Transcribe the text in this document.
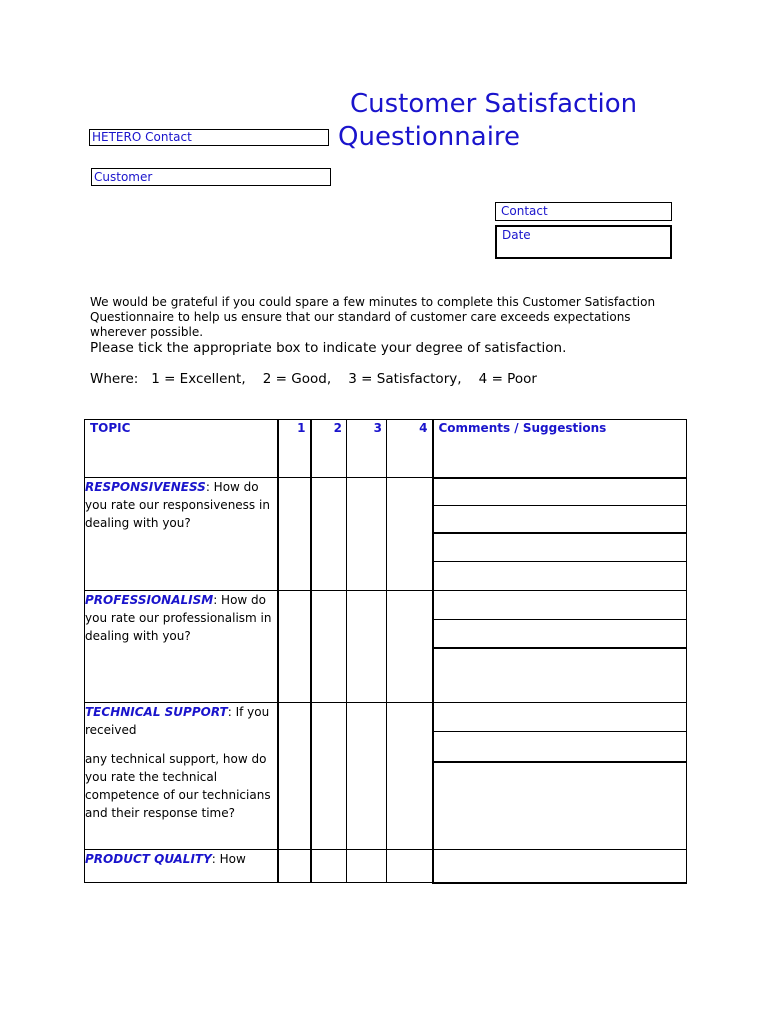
Customer Satisfaction
Questionnaire
HETERO Contact
Customer
Contact
Date
We would be grateful if you could spare a few minutes to complete this Customer Satisfaction Questionnaire to help us ensure that our standard of customer care exceeds expectations wherever possible.
Please tick the appropriate box to indicate your degree of satisfaction.
Where:   1 = Excellent,    2 = Good,    3 = Satisfactory,    4 = Poor
TOPIC	1	2	3	4	Comments / Suggestions

RESPONSIVENESS: How do you rate our responsiveness in dealing with you?					

PROFESSIONALISM: How do you rate our professionalism in dealing with you?					

TECHNICAL SUPPORT: If you received
any technical support, how do you rate the technical competence of our technicians and their response time?					

PRODUCT QUALITY: How					
